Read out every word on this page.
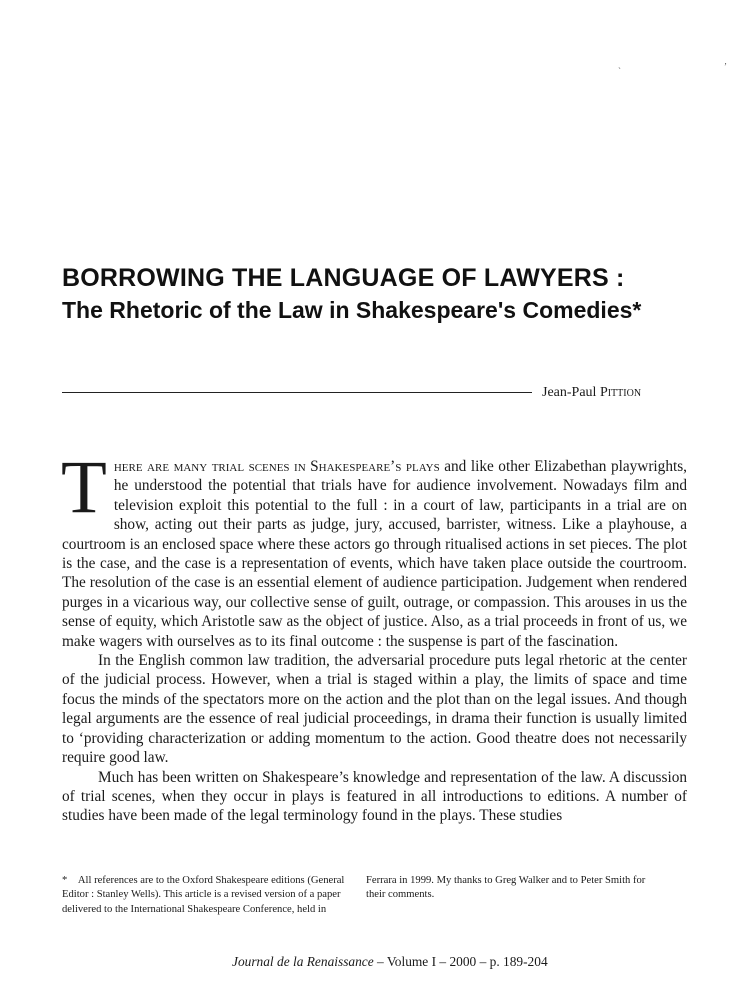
BORROWING THE LANGUAGE OF LAWYERS :
The Rhetoric of the Law in Shakespeare's Comedies*
`
‚
Jean-Paul Pittion

There are many trial scenes in Shakespeare’s plays and like other Elizabethan playwrights, he understood the potential that trials have for audience involvement. Nowadays film and television exploit this potential to the full : in a court of law, participants in a trial are on show, acting out their parts as judge, jury, accused, barrister, witness. Like a playhouse, a courtroom is an enclosed space where these actors go through ritualised actions in set pieces. The plot is the case, and the case is a representation of events, which have taken place outside the courtroom. The resolution of the case is an essential element of audience participation. Judgement when rendered purges in a vicarious way, our collective sense of guilt, outrage, or compassion. This arouses in us the sense of equity, which Aristotle saw as the object of justice. Also, as a trial proceeds in front of us, we make wagers with ourselves as to its final outcome : the suspense is part of the fascination.

In the English common law tradition, the adversarial procedure puts legal rhetoric at the center of the judicial process. However, when a trial is staged within a play, the limits of space and time focus the minds of the spectators more on the action and the plot than on the legal issues. And though legal arguments are the essence of real judicial proceedings, in drama their function is usually limited to ‘providing characterization or adding momentum to the action. Good theatre does not necessarily require good law.

Much has been written on Shakespeare’s knowledge and representation of the law. A discussion of trial scenes, when they occur in plays is featured in all introductions to editions. A number of studies have been made of the legal terminology found in the plays. These studies

* All references are to the Oxford Shakespeare editions (General Editor : Stanley Wells). This article is a revised version of a paper delivered to the International Shakespeare Conference, held in Ferrara in 1999. My thanks to Greg Walker and to Peter Smith for their comments.

Journal de la Renaissance – Volume I – 2000 – p. 189-204
